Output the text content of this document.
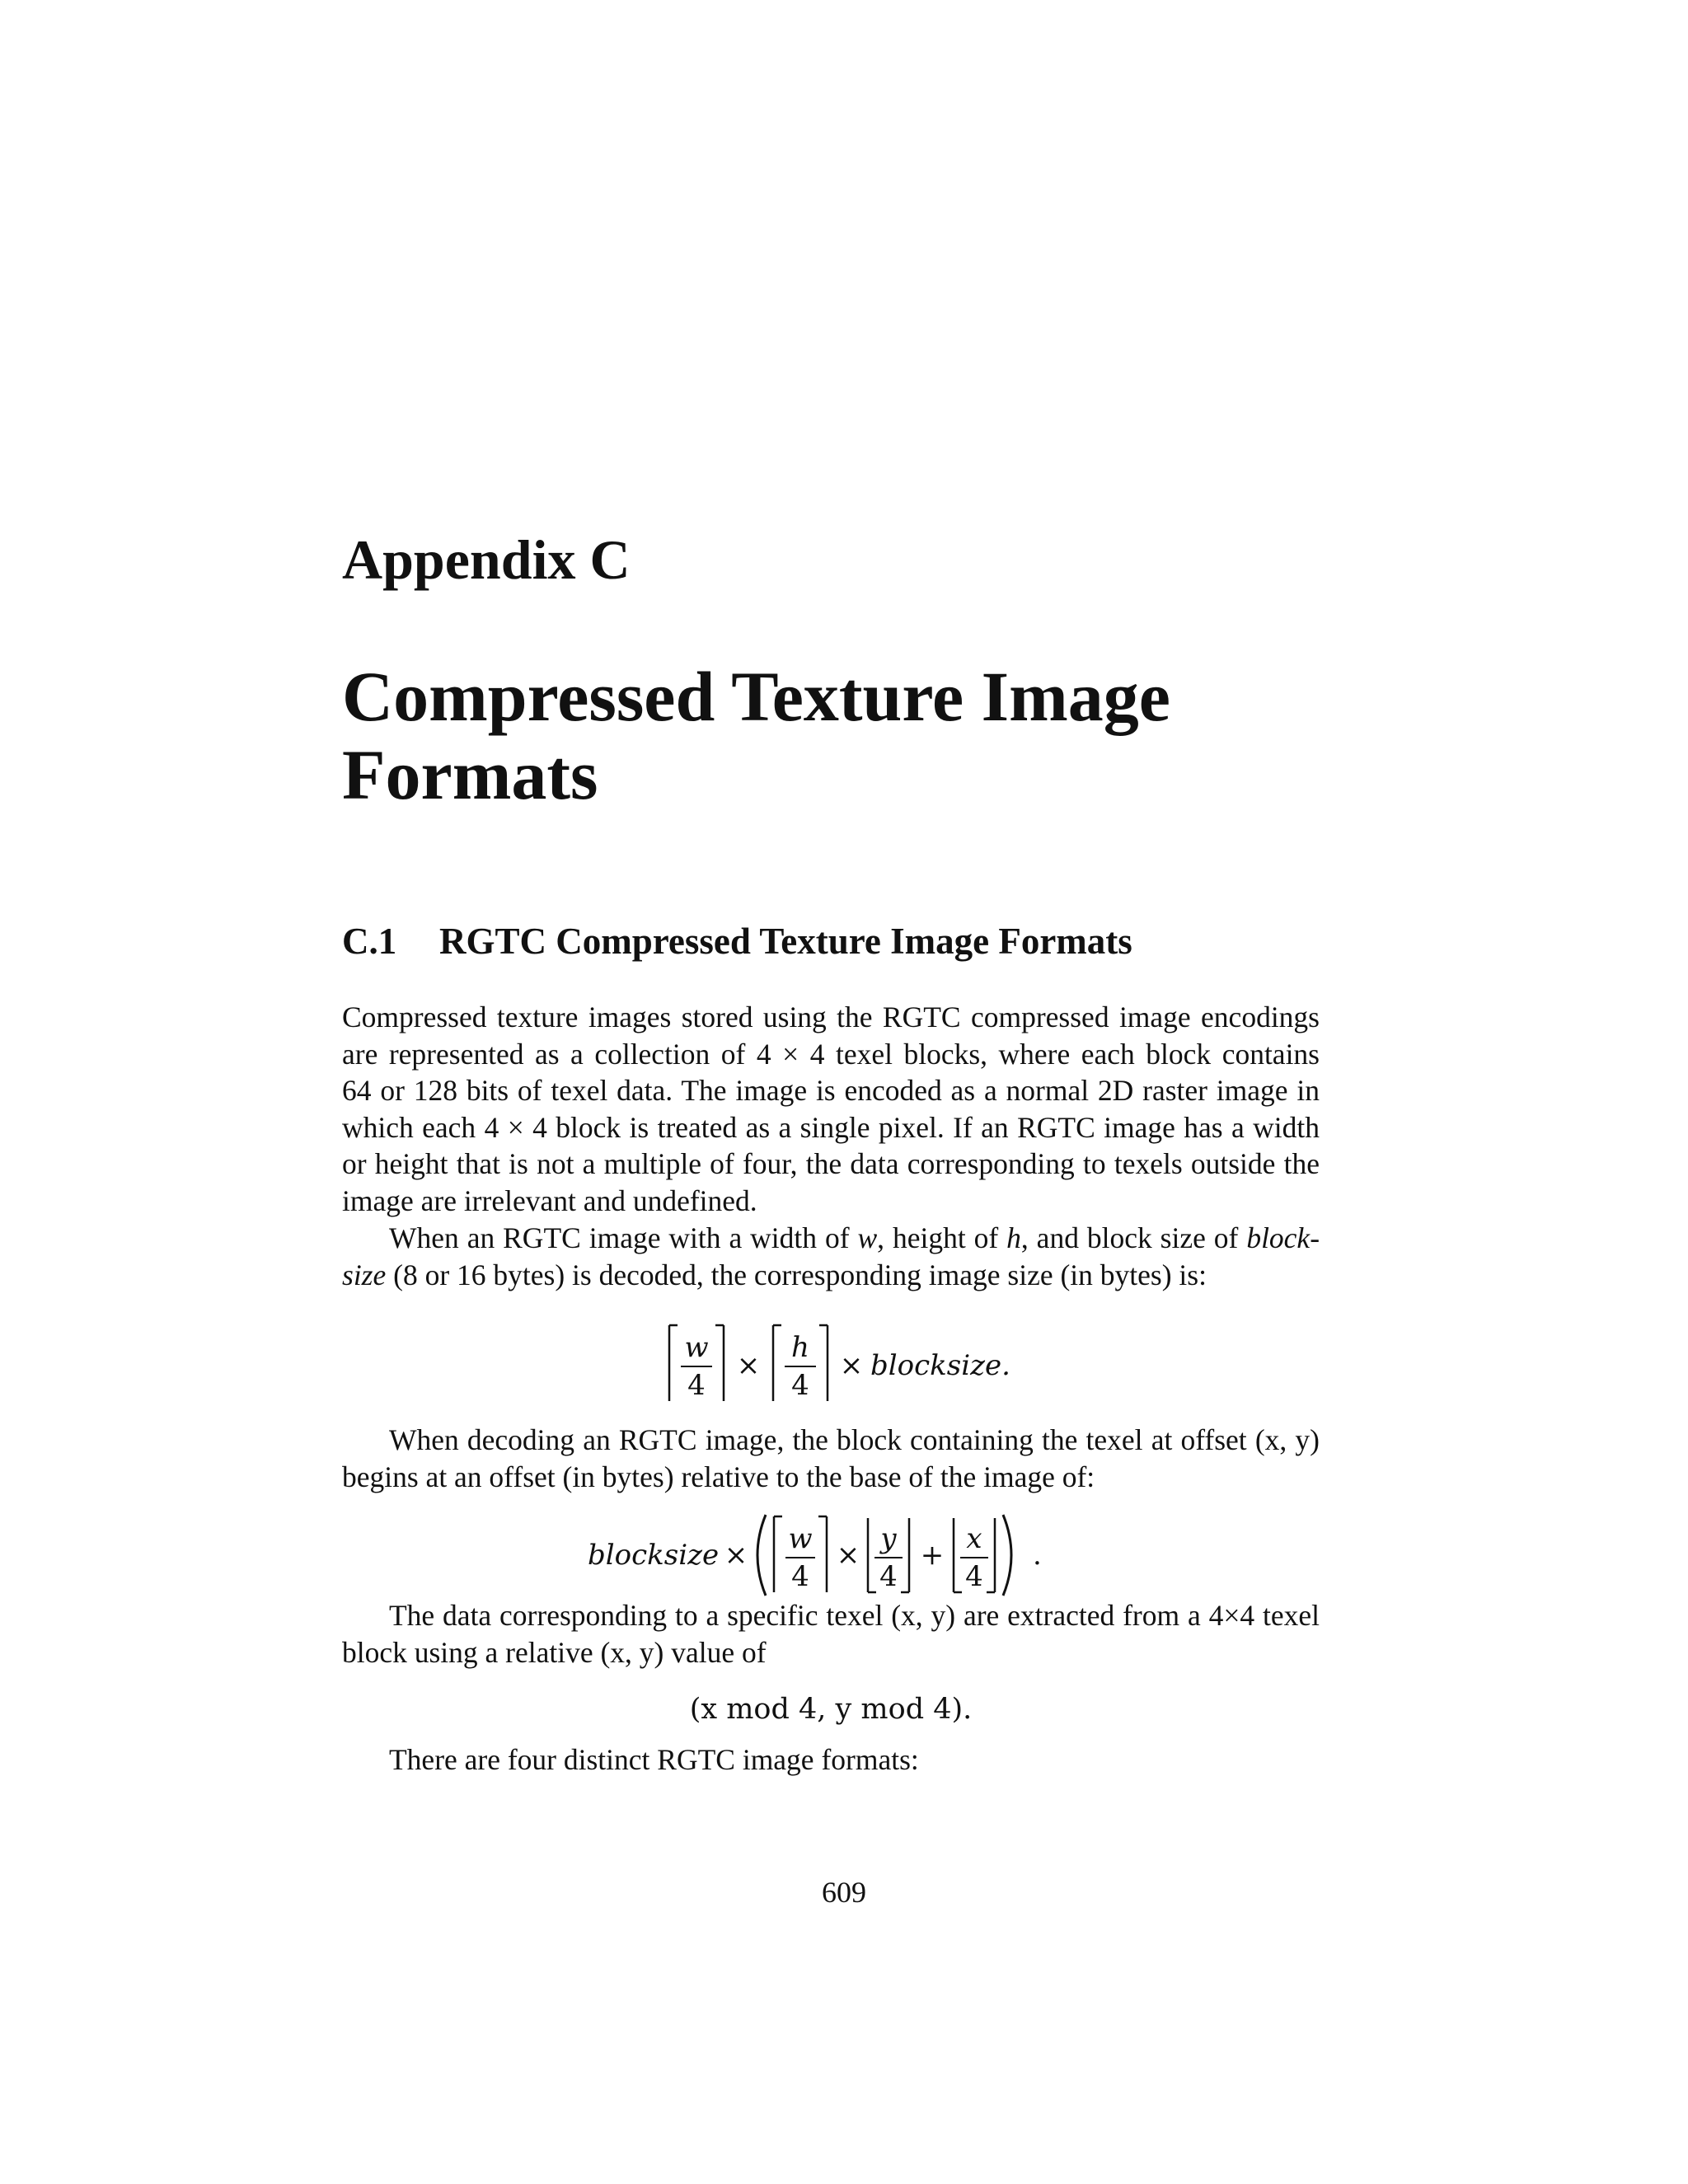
Appendix C
Compressed Texture Image Formats
C.1 RGTC Compressed Texture Image Formats
Compressed texture images stored using the RGTC compressed image encodings
are represented as a collection of 4 × 4 texel blocks, where each block contains
64 or 128 bits of texel data. The image is encoded as a normal 2D raster image in
which each 4 × 4 block is treated as a single pixel. If an RGTC image has a width
or height that is not a multiple of four, the data corresponding to texels outside the
image are irrelevant and undefined.
When an RGTC image with a width of w, height of h, and block size of block-
size (8 or 16 bytes) is decoded, the corresponding image size (in bytes) is:
w
4
×
h
4
× blocksize.
When decoding an RGTC image, the block containing the texel at offset (x, y)
begins at an offset (in bytes) relative to the base of the image of:
blocksize × w
4
× y
4
+ x
4
.
The data corresponding to a specific texel (x, y) are extracted from a 4×4 texel
block using a relative (x, y) value of
(x mod 4, y mod 4).
There are four distinct RGTC image formats:
609
